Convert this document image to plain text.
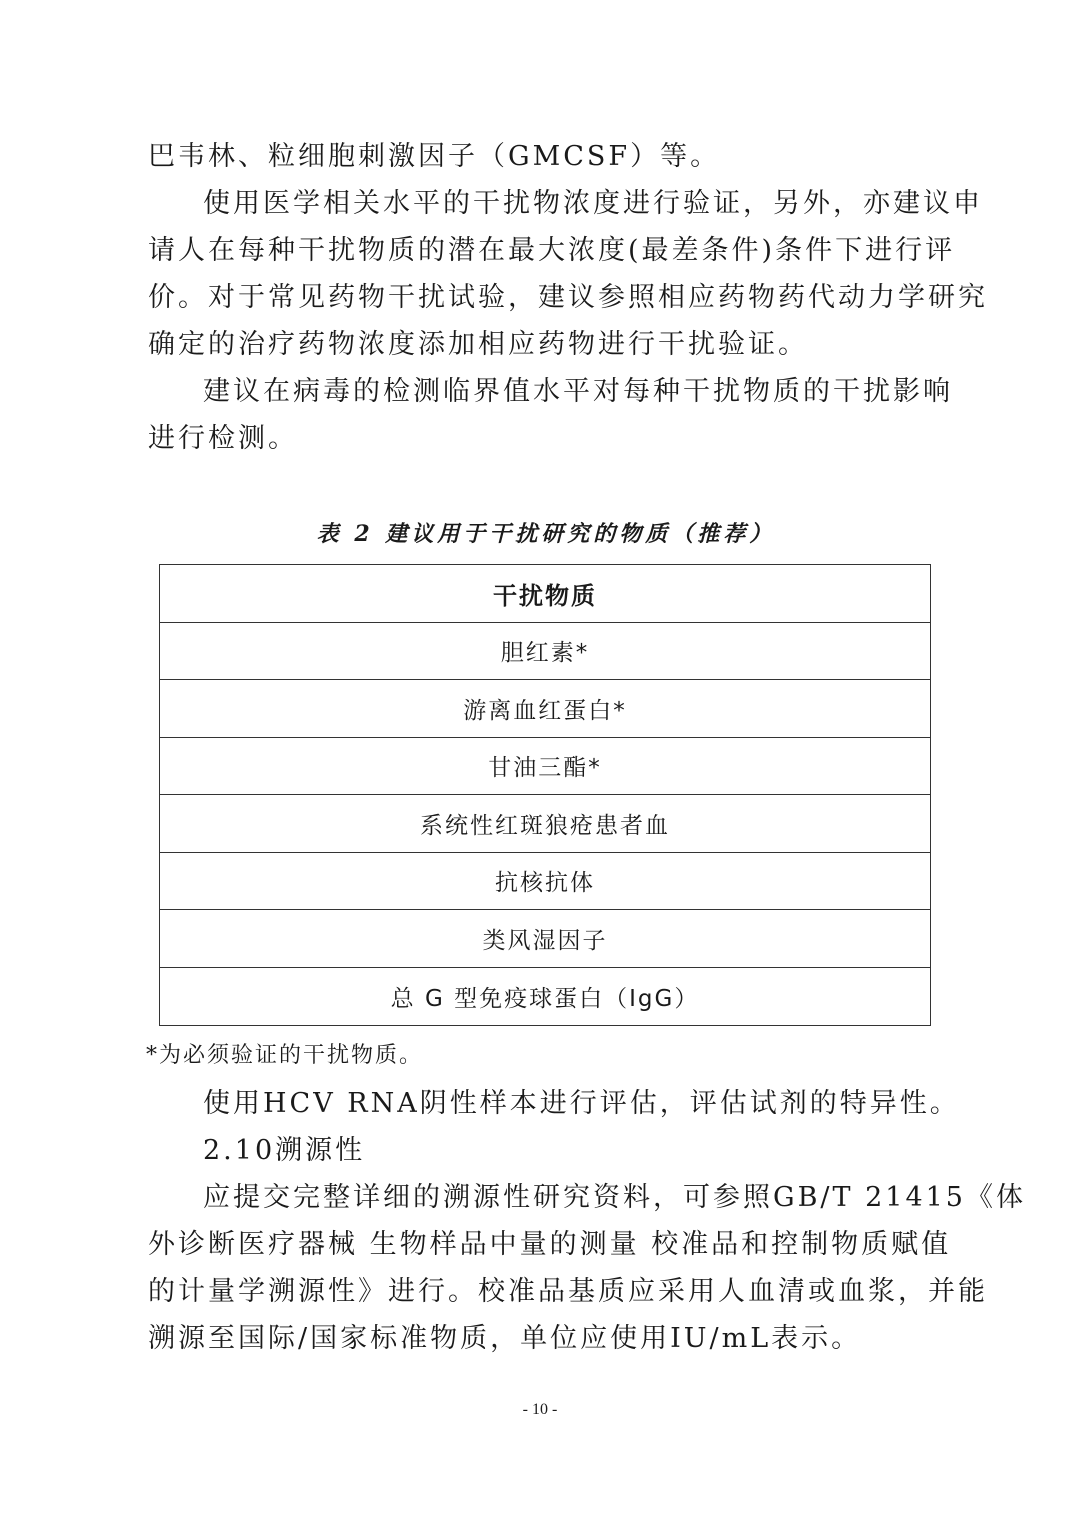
巴韦林、粒细胞刺激因子（GMCSF）等。
使用医学相关水平的干扰物浓度进行验证，另外，亦建议申
请人在每种干扰物质的潜在最大浓度(最差条件)条件下进行评
价。对于常见药物干扰试验，建议参照相应药物药代动力学研究
确定的治疗药物浓度添加相应药物进行干扰验证。
建议在病毒的检测临界值水平对每种干扰物质的干扰影响
进行检测。
表 2 建议用于干扰研究的物质（推荐）
干扰物质
胆红素*
游离血红蛋白*
甘油三酯*
系统性红斑狼疮患者血
抗核抗体
类风湿因子
总 G 型免疫球蛋白（IgG）
*为必须验证的干扰物质。
使用HCV RNA阴性样本进行评估，评估试剂的特异性。
2.10溯源性
应提交完整详细的溯源性研究资料，可参照GB/T 21415《体
外诊断医疗器械 生物样品中量的测量 校准品和控制物质赋值
的计量学溯源性》进行。校准品基质应采用人血清或血浆，并能
溯源至国际/国家标准物质，单位应使用IU/mL表示。
- 10 -
